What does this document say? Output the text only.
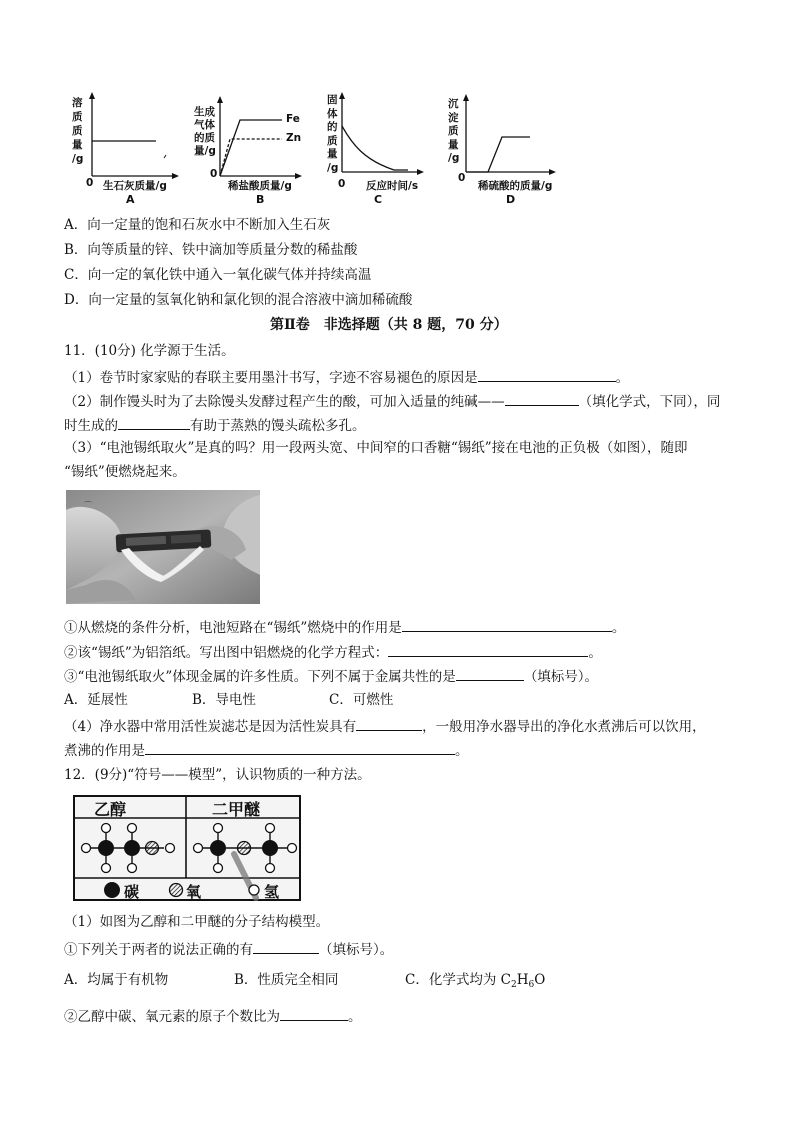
溶
质
质
量
/g
0 生石灰质量/g
A
生成
气体
的质
量/g
Fe
Zn
0
稀盐酸质量/g
B
固
体
的
质
量
/g
0 反应时间/s
C
沉
淀
质
量
/g
0
稀硫酸的质量/g
D
A．向一定量的饱和石灰水中不断加入生石灰
B．向等质量的锌、铁中滴加等质量分数的稀盐酸
C．向一定的氧化铁中通入一氧化碳气体并持续高温
D．向一定量的氢氧化钠和氯化钡的混合溶液中滴加稀硫酸
第Ⅱ卷　非选择题（共 8 题，70 分）
11．(10分) 化学源于生活。
（1）卷节时家家贴的春联主要用墨汁书写，字迹不容易褪色的原因是	。
（2）制作馒头时为了去除馒头发酵过程产生的酸，可加入适量的纯碱——	（填化学式，下同），同
时生成的	有助于蒸熟的馒头疏松多孔。
（3）“电池锡纸取火”是真的吗？用一段两头宽、中间窄的口香糖“锡纸”接在电池的正负极（如图），随即
“锡纸”便燃烧起来。
⌒
①从燃烧的条件分析，电池短路在“锡纸”燃烧中的作用是	。
②该“锡纸”为铝箔纸。写出图中铝燃烧的化学方程式：	。
③“电池锡纸取火”体现金属的许多性质。下列不属于金属共性的是	（填标号）。
A．延展性	B．导电性	C．可燃性
（4）净水器中常用活性炭滤芯是因为活性炭具有	，一般用净水器导出的净化水煮沸后可以饮用，
煮沸的作用是	。
12．(9分)“符号——模型”，认识物质的一种方法。
乙醇	二甲醚
碳	氧	氢
（1）如图为乙醇和二甲醚的分子结构模型。
①下列关于两者的说法正确的有	（填标号）。
A．均属于有机物	B．性质完全相同	C．化学式均为 $C_2H_6O$
②乙醇中碳、氧元素的原子个数比为	。
